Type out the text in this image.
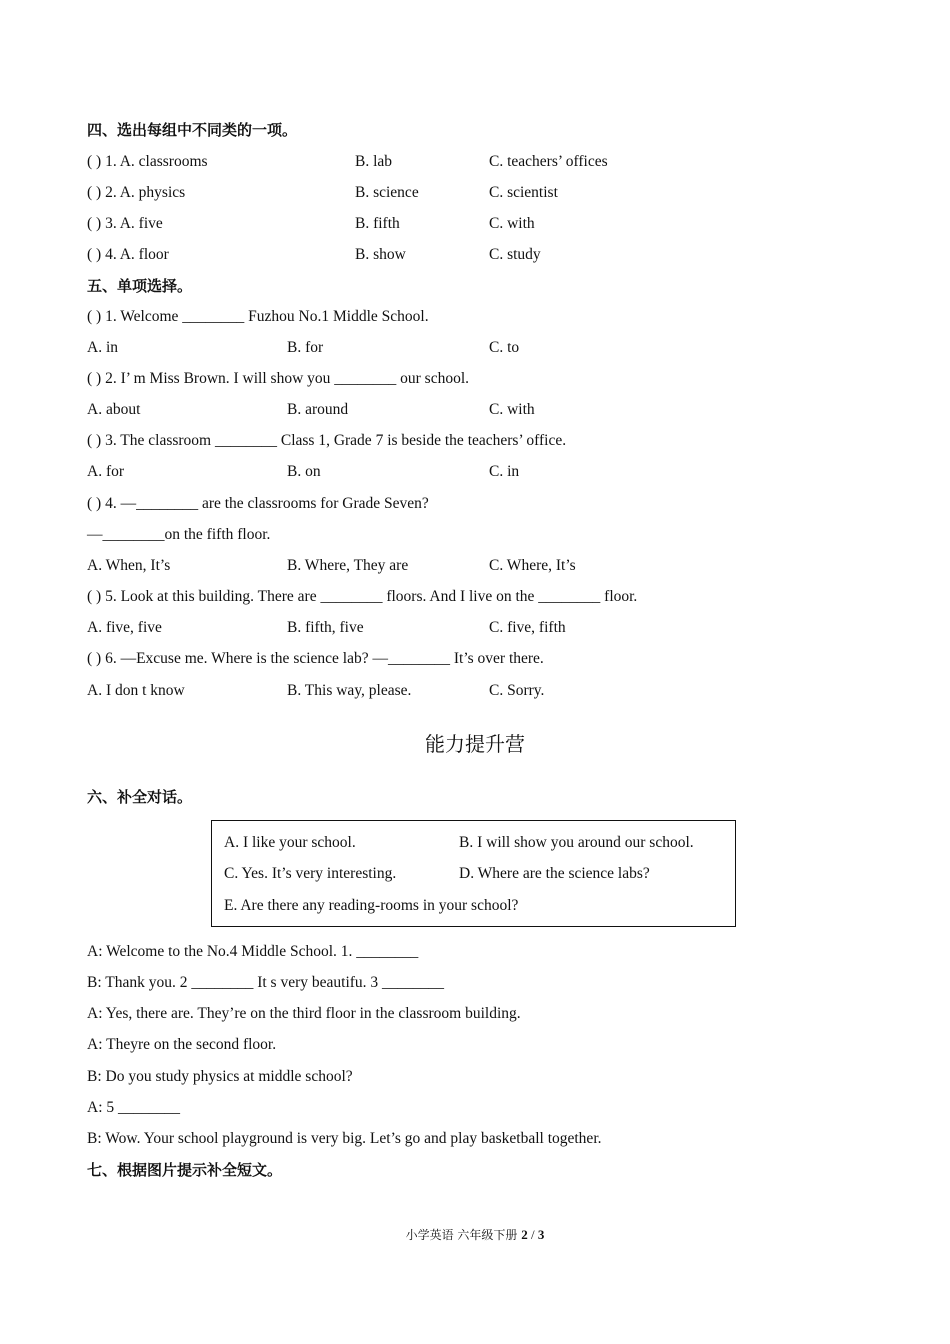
四、选出每组中不同类的一项。
( ) 1. A. classrooms	B. lab	C. teachers’ offices
( ) 2. A. physics	B. science	C. scientist
( ) 3. A. five	B. fifth	C. with
( ) 4. A. floor	B. show	C. study
五、单项选择。
( ) 1. Welcome ________ Fuzhou No.1 Middle School.
A. in	B. for	C. to
( ) 2. I’ m Miss Brown. I will show you ________ our school.
A. about	B. around	C. with
( ) 3. The classroom ________ Class 1, Grade 7 is beside the teachers’ office.
A. for	B. on	C. in
( ) 4. —________ are the classrooms for Grade Seven?
—________on the fifth floor.
A. When, It’s	B. Where, They are	C. Where, It’s
( ) 5. Look at this building. There are ________ floors. And I live on the ________ floor.
A. five, five	B. fifth, five	C. five, fifth
( ) 6. —Excuse me. Where is the science lab? —________ It’s over there.
A. I don t know	B. This way, please.	C. Sorry.
能力提升营
六、补全对话。
A. I like your school.	B. I will show you around our school.
C. Yes. It’s very interesting.	D. Where are the science labs?
E. Are there any reading-rooms in your school?
A: Welcome to the No.4 Middle School. 1. ________
B: Thank you. 2 ________ It s very beautifu. 3 ________
A: Yes, there are. They’re on the third floor in the classroom building.
A: Theyre on the second floor.
B: Do you study physics at middle school?
A: 5 ________
B: Wow. Your school playground is very big. Let’s go and play basketball together.
七、根据图片提示补全短文。
小学英语 六年级下册 2 / 3
